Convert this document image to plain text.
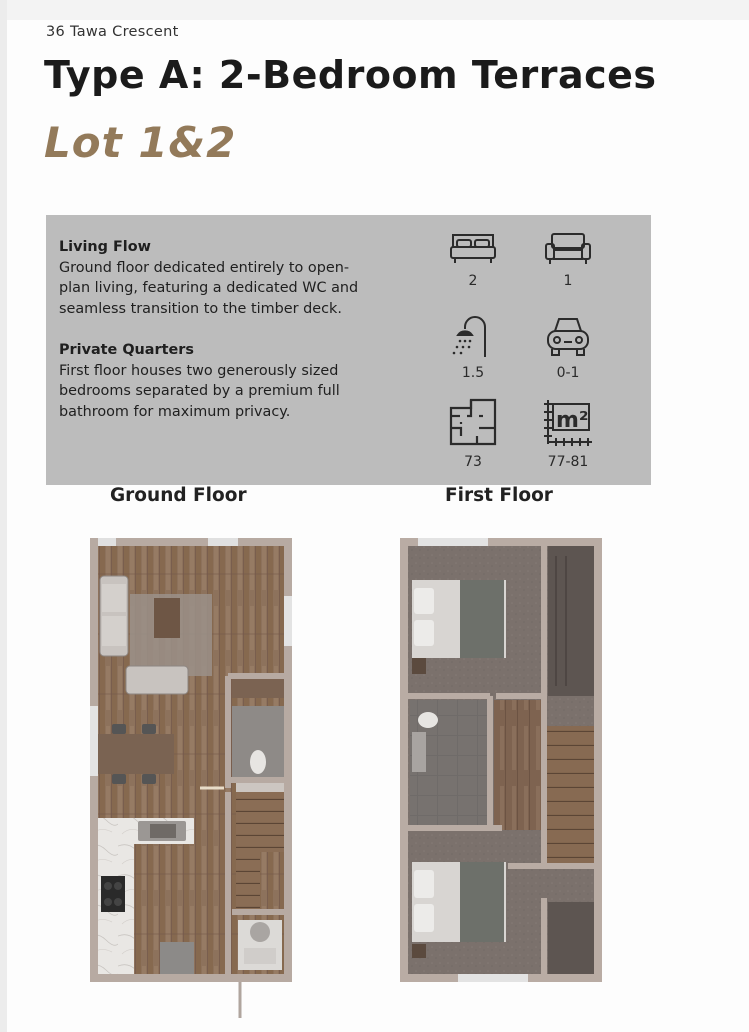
36 Tawa Crescent
Type A: 2-Bedroom Terraces
Lot 1&2
Living Flow

Ground floor dedicated entirely to open-plan living, featuring a dedicated WC and seamless transition to the timber deck.

Private Quarters

First floor houses two generously sized bedrooms separated by a premium full bathroom for maximum privacy.

2	1
1.5	0-1
73
m²
77-81
Ground Floor	First Floor
